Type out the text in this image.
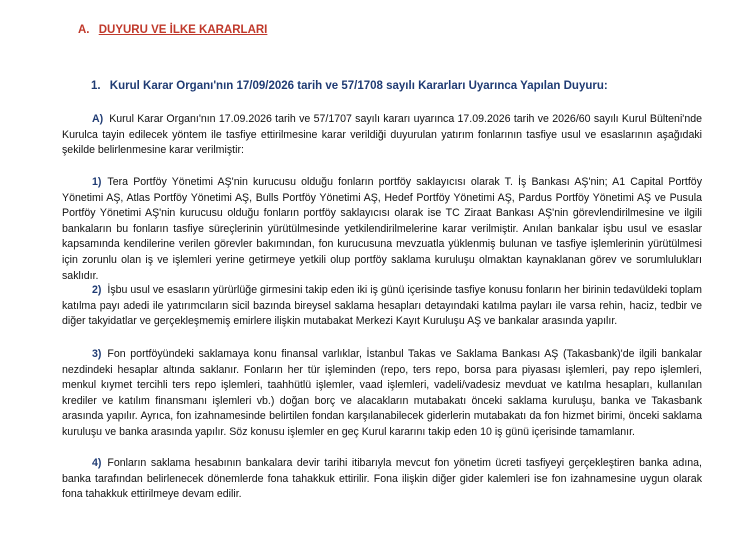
A. DUYURU VE İLKE KARARLARI
1. Kurul Karar Organı'nın 17/09/2026 tarih ve 57/1708 sayılı Kararları Uyarınca Yapılan Duyuru:
A) Kurul Karar Organı'nın 17.09.2026 tarih ve 57/1707 sayılı kararı uyarınca 17.09.2026 tarih ve 2026/60 sayılı Kurul Bülteni'nde Kurulca tayin edilecek yöntem ile tasfiye ettirilmesine karar verildiği duyurulan yatırım fonlarının tasfiye usul ve esaslarının aşağıdaki şekilde belirlenmesine karar verilmiştir:
1) Tera Portföy Yönetimi AŞ'nin kurucusu olduğu fonların portföy saklayıcısı olarak T. İş Bankası AŞ'nin; A1 Capital Portföy Yönetimi AŞ, Atlas Portföy Yönetimi AŞ, Bulls Portföy Yönetimi AŞ, Hedef Portföy Yönetimi AŞ, Pardus Portföy Yönetimi AŞ ve Pusula Portföy Yönetimi AŞ'nin kurucusu olduğu fonların portföy saklayıcısı olarak ise TC Ziraat Bankası AŞ'nin görevlendirilmesine ve ilgili bankaların bu fonların tasfiye süreçlerinin yürütülmesinde yetkilendirilmelerine karar verilmiştir. Anılan bankalar işbu usul ve esaslar kapsamında kendilerine verilen görevler bakımından, fon kurucusuna mevzuatla yüklenmiş bulunan ve tasfiye işlemlerinin yürütülmesi için zorunlu olan iş ve işlemleri yerine getirmeye yetkili olup portföy saklama kuruluşu olmaktan kaynaklanan görev ve sorumlulukları saklıdır.
2) İşbu usul ve esasların yürürlüğe girmesini takip eden iki iş günü içerisinde tasfiye konusu fonların her birinin tedavüldeki toplam katılma payı adedi ile yatırımcıların sicil bazında bireysel saklama hesapları detayındaki katılma payları ile varsa rehin, haciz, tedbir ve diğer takyidatlar ve gerçekleşmemiş emirlere ilişkin mutabakat Merkezi Kayıt Kuruluşu AŞ ve bankalar arasında yapılır.
3) Fon portföyündeki saklamaya konu finansal varlıklar, İstanbul Takas ve Saklama Bankası AŞ (Takasbank)'de ilgili bankalar nezdindeki hesaplar altında saklanır. Fonların her tür işleminden (repo, ters repo, borsa para piyasası işlemleri, pay repo işlemleri, menkul kıymet tercihli ters repo işlemleri, taahhütlü işlemler, vaad işlemleri, vadeli/vadesiz mevduat ve katılma hesapları, kullanılan krediler ve katılım finansmanı işlemleri vb.) doğan borç ve alacakların mutabakatı önceki saklama kuruluşu, banka ve Takasbank arasında yapılır. Ayrıca, fon izahnamesinde belirtilen fondan karşılanabilecek giderlerin mutabakatı da fon hizmet birimi, önceki saklama kuruluşu ve banka arasında yapılır. Söz konusu işlemler en geç Kurul kararını takip eden 10 iş günü içerisinde tamamlanır.
4) Fonların saklama hesabının bankalara devir tarihi itibarıyla mevcut fon yönetim ücreti tasfiyeyi gerçekleştiren banka adına, banka tarafından belirlenecek dönemlerde fona tahakkuk ettirilir. Fona ilişkin diğer gider kalemleri ise fon izahnamesine uygun olarak fona tahakkuk ettirilmeye devam edilir.
